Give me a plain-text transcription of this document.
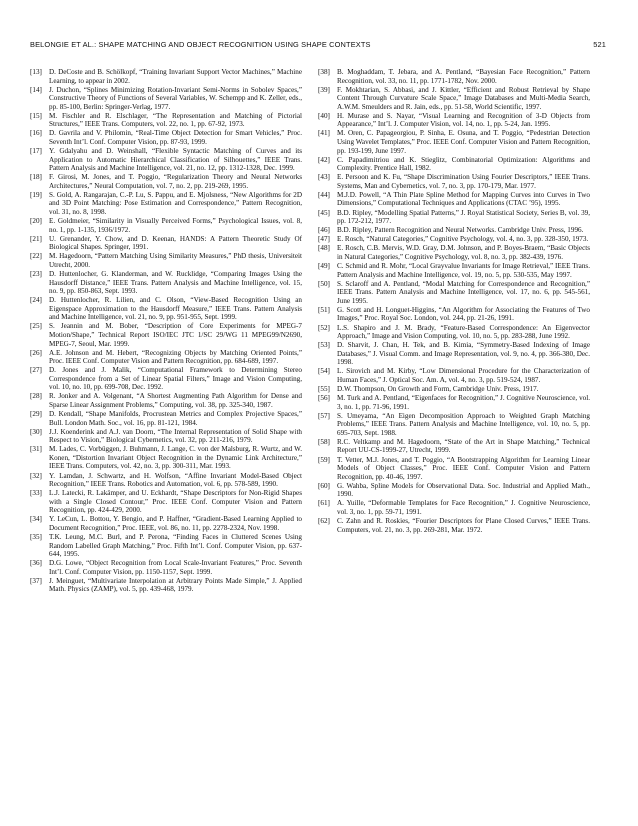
BELONGIE ET AL.: SHAPE MATCHING AND OBJECT RECOGNITION USING SHAPE CONTEXTS	521
[13] D. DeCoste and B. Schölkopf, “Training Invariant Support Vector Machines,” Machine Learning, to appear in 2002.
[14] J. Duchon, “Splines Minimizing Rotation-Invariant Semi-Norms in Sobolev Spaces,” Constructive Theory of Functions of Several Variables, W. Schempp and K. Zeller, eds., pp. 85-100, Berlin: Springer-Verlag, 1977.
[15] M. Fischler and R. Elschlager, “The Representation and Matching of Pictorial Structures,” IEEE Trans. Computers, vol. 22, no. 1, pp. 67-92, 1973.
[16] D. Gavrila and V. Philomin, “Real-Time Object Detection for Smart Vehicles,” Proc. Seventh Int’l. Conf. Computer Vision, pp. 87-93, 1999.
[17] Y. Gdalyahu and D. Weinshall, “Flexible Syntactic Matching of Curves and its Application to Automatic Hierarchical Classification of Silhouettes,” IEEE Trans. Pattern Analysis and Machine Intelligence, vol. 21, no. 12, pp. 1312-1328, Dec. 1999.
[18] F. Girosi, M. Jones, and T. Poggio, “Regularization Theory and Neural Networks Architectures,” Neural Computation, vol. 7, no. 2, pp. 219-269, 1995.
[19] S. Gold, A. Rangarajan, C.-P. Lu, S. Pappu, and E. Mjolsness, “New Algorithms for 2D and 3D Point Matching: Pose Estimation and Correspondence,” Pattern Recognition, vol. 31, no. 8, 1998.
[20] E. Goldmeier, “Similarity in Visually Perceived Forms,” Psychological Issues, vol. 8, no. 1, pp. 1-135, 1936/1972.
[21] U. Grenander, Y. Chow, and D. Keenan, HANDS: A Pattern Theoretic Study Of Biological Shapes. Springer, 1991.
[22] M. Hagedoorn, “Pattern Matching Using Similarity Measures,” PhD thesis, Universiteit Utrecht, 2000.
[23] D. Huttenlocher, G. Klanderman, and W. Rucklidge, “Comparing Images Using the Hausdorff Distance,” IEEE Trans. Pattern Analysis and Machine Intelligence, vol. 15, no. 9, pp. 850-863, Sept. 1993.
[24] D. Huttenlocher, R. Lilien, and C. Olson, “View-Based Recognition Using an Eigenspace Approximation to the Hausdorff Measure,” IEEE Trans. Pattern Analysis and Machine Intelligence, vol. 21, no. 9, pp. 951-955, Sept. 1999.
[25] S. Jeannin and M. Bober, “Description of Core Experiments for MPEG-7 Motion/Shape,” Technical Report ISO/IEC JTC 1/SC 29/WG 11 MPEG99/N2690, MPEG-7, Seoul, Mar. 1999.
[26] A.E. Johnson and M. Hebert, “Recognizing Objects by Matching Oriented Points,” Proc. IEEE Conf. Computer Vision and Pattern Recognition, pp. 684-689, 1997.
[27] D. Jones and J. Malik, “Computational Framework to Determining Stereo Correspondence from a Set of Linear Spatial Filters,” Image and Vision Computing, vol. 10, no. 10, pp. 699-708, Dec. 1992.
[28] R. Jonker and A. Volgenant, “A Shortest Augmenting Path Algorithm for Dense and Sparse Linear Assignment Problems,” Computing, vol. 38, pp. 325-340, 1987.
[29] D. Kendall, “Shape Manifolds, Procrustean Metrics and Complex Projective Spaces,” Bull. London Math. Soc., vol. 16, pp. 81-121, 1984.
[30] J.J. Koenderink and A.J. van Doorn, “The Internal Representation of Solid Shape with Respect to Vision,” Biological Cybernetics, vol. 32, pp. 211-216, 1979.
[31] M. Lades, C. Vorbüggen, J. Buhmann, J. Lange, C. von der Malsburg, R. Wurtz, and W. Konen, “Distortion Invariant Object Recognition in the Dynamic Link Architecture,” IEEE Trans. Computers, vol. 42, no. 3, pp. 300-311, Mar. 1993.
[32] Y. Lamdan, J. Schwartz, and H. Wolfson, “Affine Invariant Model-Based Object Recognition,” IEEE Trans. Robotics and Automation, vol. 6, pp. 578-589, 1990.
[33] L.J. Latecki, R. Lakämper, and U. Eckhardt, “Shape Descriptors for Non-Rigid Shapes with a Single Closed Contour,” Proc. IEEE Conf. Computer Vision and Pattern Recognition, pp. 424-429, 2000.
[34] Y. LeCun, L. Bottou, Y. Bengio, and P. Haffner, “Gradient-Based Learning Applied to Document Recognition,” Proc. IEEE, vol. 86, no. 11, pp. 2278-2324, Nov. 1998.
[35] T.K. Leung, M.C. Burl, and P. Perona, “Finding Faces in Cluttered Scenes Using Random Labelled Graph Matching,” Proc. Fifth Int’l. Conf. Computer Vision, pp. 637-644, 1995.
[36] D.G. Lowe, “Object Recognition from Local Scale-Invariant Features,” Proc. Seventh Int’l. Conf. Computer Vision, pp. 1150-1157, Sept. 1999.
[37] J. Meinguet, “Multivariate Interpolation at Arbitrary Points Made Simple,” J. Applied Math. Physics (ZAMP), vol. 5, pp. 439-468, 1979.
[38] B. Moghaddam, T. Jebara, and A. Pentland, “Bayesian Face Recognition,” Pattern Recognition, vol. 33, no. 11, pp. 1771-1782, Nov. 2000.
[39] F. Mokhtarian, S. Abbasi, and J. Kittler, “Efficient and Robust Retrieval by Shape Content Through Curvature Scale Space,” Image Databases and Multi-Media Search, A.W.M. Smeulders and R. Jain, eds., pp. 51-58, World Scientific, 1997.
[40] H. Murase and S. Nayar, “Visual Learning and Recognition of 3-D Objects from Appearance,” Int’l. J. Computer Vision, vol. 14, no. 1, pp. 5-24, Jan. 1995.
[41] M. Oren, C. Papageorgiou, P. Sinha, E. Osuna, and T. Poggio, “Pedestrian Detection Using Wavelet Templates,” Proc. IEEE Conf. Computer Vision and Pattern Recognition, pp. 193-199, June 1997.
[42] C. Papadimitriou and K. Stieglitz, Combinatorial Optimization: Algorithms and Complexity. Prentice Hall, 1982.
[43] E. Persoon and K. Fu, “Shape Discrimination Using Fourier Descriptors,” IEEE Trans. Systems, Man and Cybernetics, vol. 7, no. 3, pp. 170-179, Mar. 1977.
[44] M.J.D. Powell, “A Thin Plate Spline Method for Mapping Curves into Curves in Two Dimensions,” Computational Techniques and Applications (CTAC ’95), 1995.
[45] B.D. Ripley, “Modelling Spatial Patterns,” J. Royal Statistical Society, Series B, vol. 39, pp. 172-212, 1977.
[46] B.D. Ripley, Pattern Recognition and Neural Networks. Cambridge Univ. Press, 1996.
[47] E. Rosch, “Natural Categories,” Cognitive Psychology, vol. 4, no. 3, pp. 328-350, 1973.
[48] E. Rosch, C.B. Mervis, W.D. Gray, D.M. Johnson, and P. Boyes-Braem, “Basic Objects in Natural Categories,” Cognitive Psychology, vol. 8, no. 3, pp. 382-439, 1976.
[49] C. Schmid and R. Mohr, “Local Grayvalue Invariants for Image Retrieval,” IEEE Trans. Pattern Analysis and Machine Intelligence, vol. 19, no. 5, pp. 530-535, May 1997.
[50] S. Sclaroff and A. Pentland, “Modal Matching for Correspondence and Recognition,” IEEE Trans. Pattern Analysis and Machine Intelligence, vol. 17, no. 6, pp. 545-561, June 1995.
[51] G. Scott and H. Longuet-Higgins, “An Algorithm for Associating the Features of Two Images,” Proc. Royal Soc. London, vol. 244, pp. 21-26, 1991.
[52] L.S. Shapiro and J. M. Brady, “Feature-Based Correspondence: An Eigenvector Approach,” Image and Vision Computing, vol. 10, no. 5, pp. 283-288, June 1992.
[53] D. Sharvit, J. Chan, H. Tek, and B. Kimia, “Symmetry-Based Indexing of Image Databases,” J. Visual Comm. and Image Representation, vol. 9, no. 4, pp. 366-380, Dec. 1998.
[54] L. Sirovich and M. Kirby, “Low Dimensional Procedure for the Characterization of Human Faces,” J. Optical Soc. Am. A, vol. 4, no. 3, pp. 519-524, 1987.
[55] D.W. Thompson, On Growth and Form, Cambridge Univ. Press, 1917.
[56] M. Turk and A. Pentland, “Eigenfaces for Recognition,” J. Cognitive Neuroscience, vol. 3, no. 1, pp. 71-96, 1991.
[57] S. Umeyama, “An Eigen Decomposition Approach to Weighted Graph Matching Problems,” IEEE Trans. Pattern Analysis and Machine Intelligence, vol. 10, no. 5, pp. 695-703, Sept. 1988.
[58] R.C. Veltkamp and M. Hagedoorn, “State of the Art in Shape Matching,” Technical Report UU-CS-1999-27, Utrecht, 1999.
[59] T. Vetter, M.J. Jones, and T. Poggio, “A Bootstrapping Algorithm for Learning Linear Models of Object Classes,” Proc. IEEE Conf. Computer Vision and Pattern Recognition, pp. 40-46, 1997.
[60] G. Wahba, Spline Models for Observational Data. Soc. Industrial and Applied Math., 1990.
[61] A. Yuille, “Deformable Templates for Face Recognition,” J. Cognitive Neuroscience, vol. 3, no. 1, pp. 59-71, 1991.
[62] C. Zahn and R. Roskies, “Fourier Descriptors for Plane Closed Curves,” IEEE Trans. Computers, vol. 21, no. 3, pp. 269-281, Mar. 1972.
